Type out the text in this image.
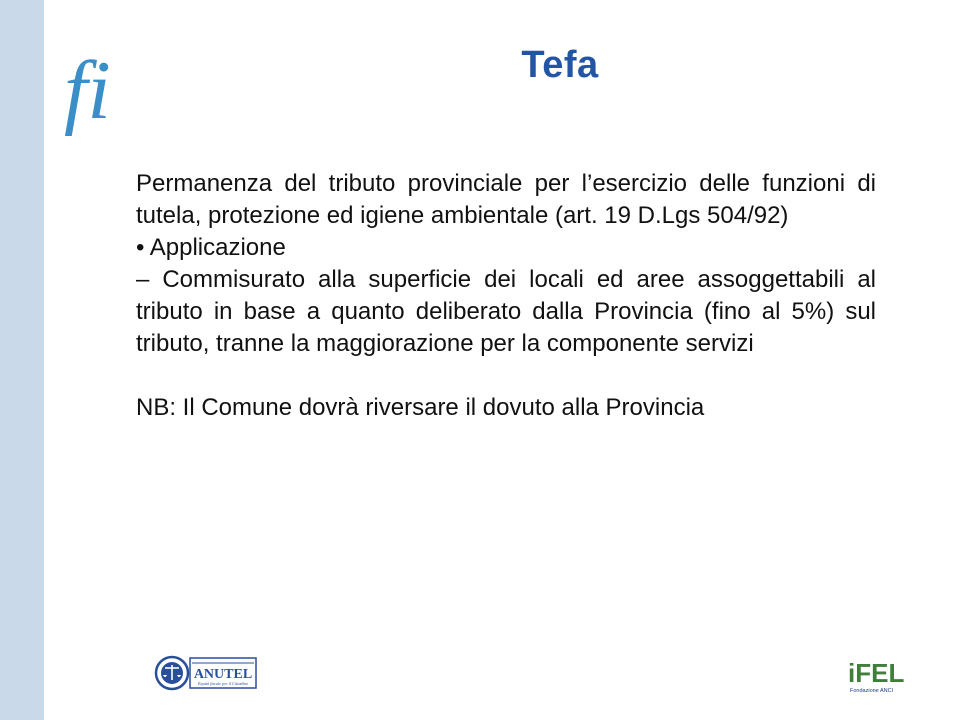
fi	Tefa

Permanenza del tributo provinciale per l’esercizio delle funzioni di tutela, protezione ed igiene ambientale (art. 19 D.Lgs 504/92)

• Applicazione

– Commisurato alla superficie dei locali ed aree assoggettabili al tributo in base a quanto deliberato dalla Provincia (fino al 5%) sul tributo, tranne la maggiorazione per la componente servizi

NB: Il Comune dovrà riversare il dovuto alla Provincia

ANUTEL
Equità fiscale per il Cittadino	iFEL
Fondazione ANCI
